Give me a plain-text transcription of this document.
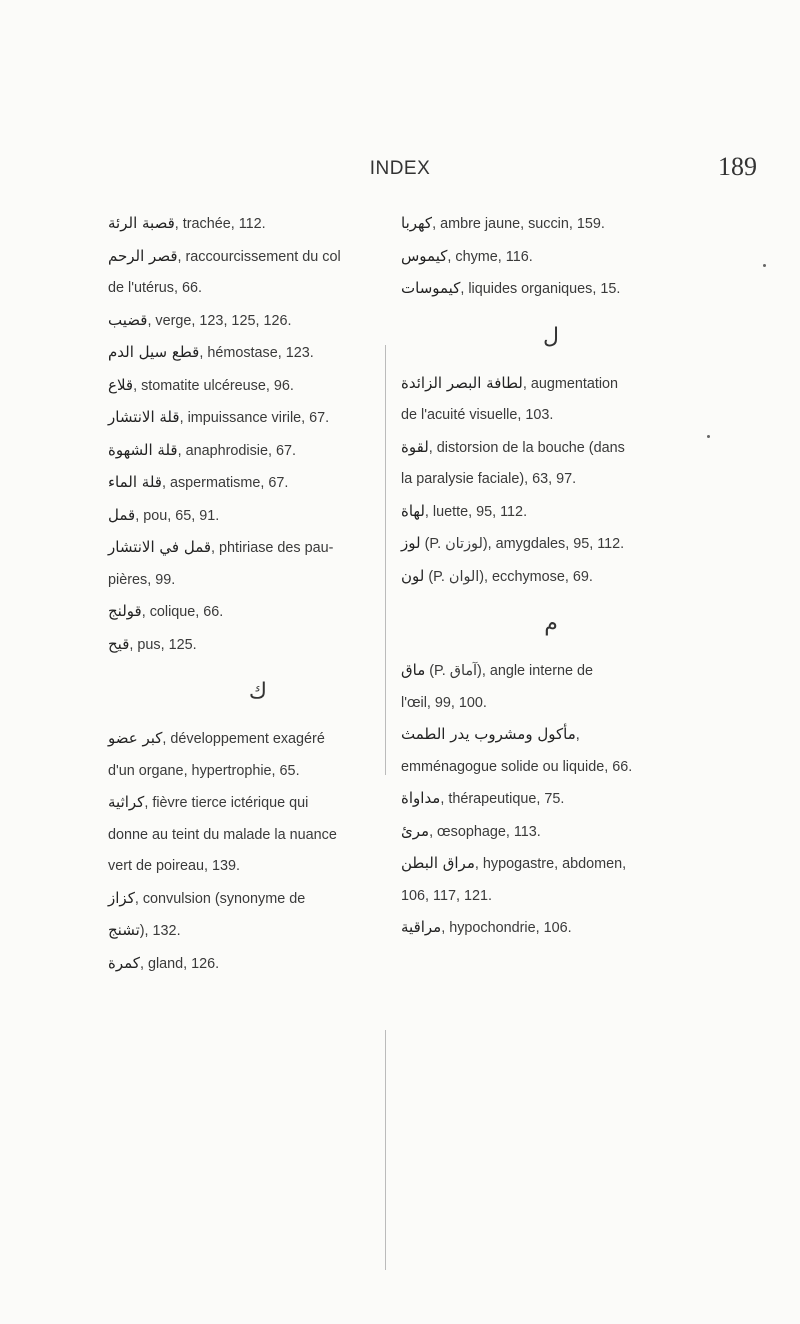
INDEX	189
قصبة الرئة, trachée, 112.
قصر الرحم, raccourcissement du col
de l'utérus, 66.
قضيب, verge, 123, 125, 126.
قطع سيل الدم, hémostase, 123.
قلاع, stomatite ulcéreuse, 96.
قلة الانتشار, impuissance virile, 67.
قلة الشهوة, anaphrodisie, 67.
قلة الماء, aspermatisme, 67.
قمل, pou, 65, 91.
قمل في الانتشار, phtiriase des pau-
pières, 99.
قولنج, colique, 66.
قيح, pus, 125.
ك
كبر عضو, développement exagéré
d'un organe, hypertrophie, 65.
كراثية, fièvre tierce ictérique qui
donne au teint du malade la nuance
vert de poireau, 139.
كزاز, convulsion (synonyme de
تشنج), 132.
كمرة, gland, 126.
كهربا, ambre jaune, succin, 159.
كيموس, chyme, 116.
كيموسات, liquides organiques, 15.
ل
لطافة البصر الزائدة, augmentation
de l'acuité visuelle, 103.
لقوة, distorsion de la bouche (dans
la paralysie faciale), 63, 97.
لهاة, luette, 95, 112.
لوز (P. لوزتان), amygdales, 95, 112.
لون (P. الوان), ecchymose, 69.
م
ماق (P. آماق), angle interne de
l'œil, 99, 100.
مأكول ومشروب يدر الطمث,
emménagogue solide ou liquide, 66.
مداواة, thérapeutique, 75.
مرئ, œsophage, 113.
مراق البطن, hypogastre, abdomen,
106, 117, 121.
مراقية, hypochondrie, 106.
